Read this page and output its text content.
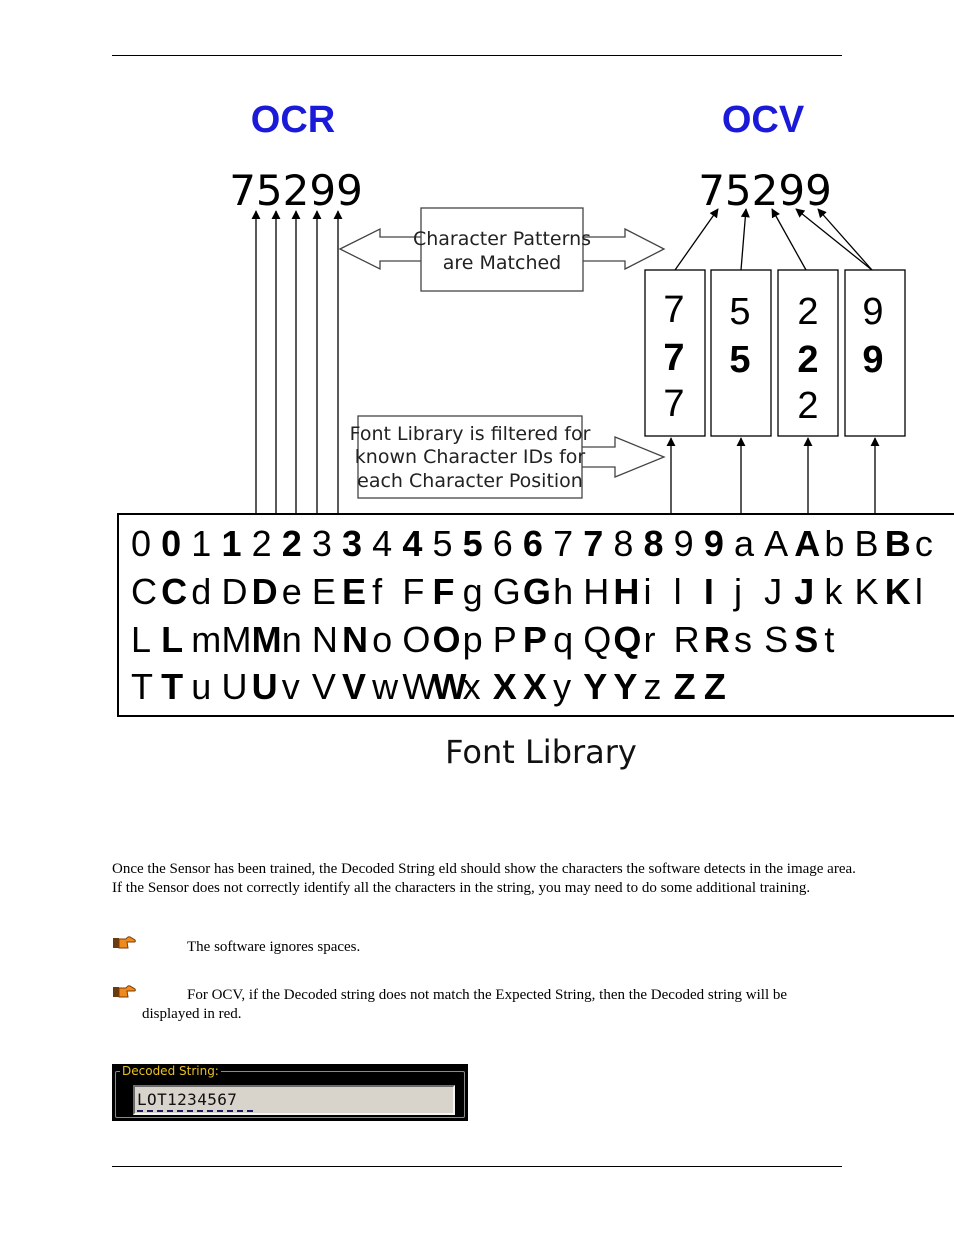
OCR	OCV
75299	75299
Character Patterns
are Matched
Font Library is filtered for
known Character IDs for
each Character Position
7
7
7
5
5
2
2
2
9
9
0 0 1 1 2 2 3 3 4 4 5 5 6 6 7 7 8 8 9 9 a A A b B B c
C C d D D e E E f F F g G G h H H i l I j J J k K K l
L L m M M n N N o O O p P P q Q Q r R R s S S t
T T u U U v V V w W
W
x X X y Y Y z Z Z
Font Library
Once the Sensor has been trained, the Decoded String eld should show the characters the software detects in the image area. If the Sensor does not correctly identify all the characters in the string, you may need to do some additional training.
The software ignores spaces.
For OCV, if the Decoded string does not match the Expected String, then the Decoded string will be
displayed in red.
Decoded String:
LOT1234567
